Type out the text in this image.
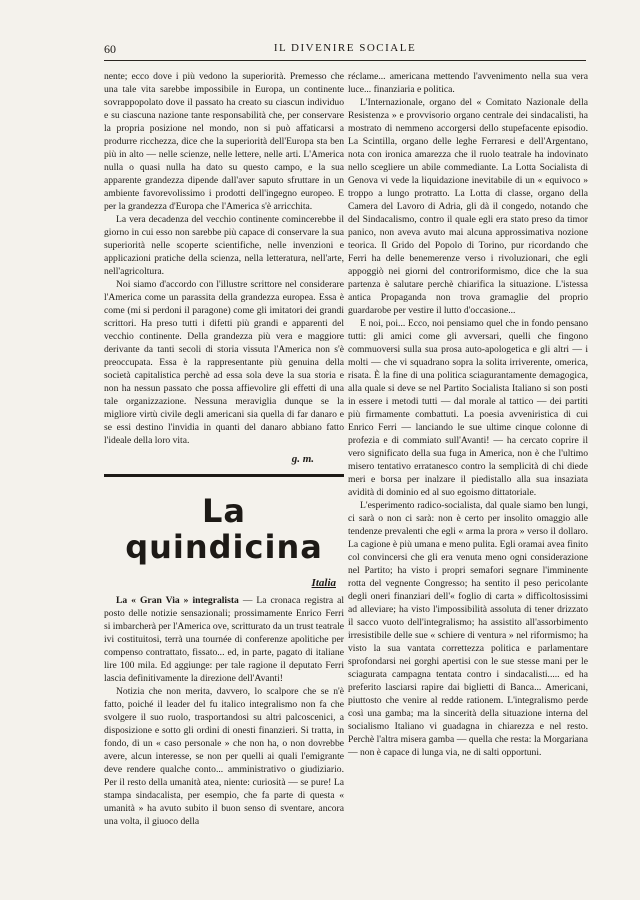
60	IL DIVENIRE SOCIALE

nente; ecco dove i più vedono la superiorità. Premesso che una tale vita sarebbe impossibile in Europa, un continente sovrappopolato dove il passato ha creato su ciascun individuo e su ciascuna nazione tante responsabilità che, per conservare la propria posizione nel mondo, non si può affaticarsi a produrre ricchezza, dice che la superiorità dell'Europa sta ben più in alto — nelle scienze, nelle lettere, nelle arti. L'America nulla o quasi nulla ha dato su questo campo, e la sua apparente grandezza dipende dall'aver saputo sfruttare in un ambiente favorevolissimo i prodotti dell'ingegno europeo. E per la grandezza d'Europa che l'America s'è arricchita.

La vera decadenza del vecchio continente comincerebbe il giorno in cui esso non sarebbe più capace di conservare la sua superiorità nelle scoperte scientifiche, nelle invenzioni e applicazioni pratiche della scienza, nella letteratura, nell'arte, nell'agricoltura.

Noi siamo d'accordo con l'illustre scrittore nel considerare l'America come un parassita della grandezza europea. Essa è come (mi si perdoni il paragone) come gli imitatori dei grandi scrittori. Ha preso tutti i difetti più grandi e apparenti del vecchio continente. Della grandezza più vera e maggiore derivante da tanti secoli di storia vissuta l'America non s'è preoccupata. Essa è la rappresentante più genuina della società capitalistica perchè ad essa sola deve la sua storia e non ha nessun passato che possa affievolire gli effetti di una tale organizzazione. Nessuna meraviglia dunque se la migliore virtù civile degli americani sia quella di far danaro e se essi destino l'invidia in quanti del danaro abbiano fatto l'ideale della loro vita.

g. m.
La quindicina
Italia

La « Gran Via » integralista — La cronaca registra al posto delle notizie sensazionali; prossimamente Enrico Ferri si imbarcherà per l'America ove, scritturato da un trust teatrale ivi costituitosi, terrà una tournée di conferenze apolitiche per compenso contrattato, fissato... ed, in parte, pagato di italiane lire 100 mila. Ed aggiunge: per tale ragione il deputato Ferri lascia definitivamente la direzione dell'Avanti!

Notizia che non merita, davvero, lo scalpore che se n'è fatto, poiché il leader del fu italico integralismo non fa che svolgere il suo ruolo, trasportandosi su altri palcoscenici, a disposizione e sotto gli ordini di onesti finanzieri. Si tratta, in fondo, di un « caso personale » che non ha, o non dovrebbe avere, alcun interesse, se non per quelli ai quali l'emigrante deve rendere qualche conto... amministrativo o giudiziario. Per il resto della umanità atea, niente: curiosità — se pure! La stampa sindacalista, per esempio, che fa parte di questa « umanità » ha avuto subito il buon senso di sventare, ancora una volta, il giuoco della

réclame... americana mettendo l'avvenimento nella sua vera luce... finanziaria e politica.

L'Internazionale, organo del « Comitato Nazionale della Resistenza » e provvisorio organo centrale dei sindacalisti, ha mostrato di nemmeno accorgersi dello stupefacente episodio. La Scintilla, organo delle leghe Ferraresi e dell'Argentano, nota con ironica amarezza che il ruolo teatrale ha indovinato nello scegliere un abile commediante. La Lotta Socialista di Genova vi vede la liquidazione inevitabile di un « equivoco » troppo a lungo protratto. La Lotta di classe, organo della Camera del Lavoro di Adria, gli dà il congedo, notando che del Sindacalismo, contro il quale egli era stato preso da timor panico, non aveva avuto mai alcuna approssimativa nozione teorica. Il Grido del Popolo di Torino, pur ricordando che Ferri ha delle benemerenze verso i rivoluzionari, che egli appoggiò nei giorni del controriformismo, dice che la sua partenza è salutare perchè chiarifica la situazione. L'istessa antica Propaganda non trova gramaglie del proprio guardarobe per vestire il lutto d'occasione...

E noi, poi... Ecco, noi pensiamo quel che in fondo pensano tutti: gli amici come gli avversari, quelli che fingono commuoversi sulla sua prosa auto-apologetica e gli altri — i molti — che vi squadrano sopra la solita irriverente, omerica, risata. È la fine di una politica sciagurantamente demagogica, alla quale si deve se nel Partito Socialista Italiano si son posti in essere i metodi tutti — dal morale al tattico — dei partiti più firmamente combattuti. La poesia avveniristica di cui Enrico Ferri — lanciando le sue ultime cinque colonne di profezia e di commiato sull'Avanti! — ha cercato coprire il vero significato della sua fuga in America, non è che l'ultimo misero tentativo erratanesco contro la semplicità di chi diede meri e borsa per inalzare il piedistallo alla sua insaziata avidità di dominio ed al suo egoismo dittatoriale.

L'esperimento radico-socialista, dal quale siamo ben lungi, ci sarà o non ci sarà: non è certo per insolito omaggio alle tendenze prevalenti che egli « arma la prora » verso il dollaro. La cagione è più umana e meno pulita. Egli oramai avea finito col convincersi che gli era venuta meno ogni considerazione nel Partito; ha visto i propri semafori segnare l'imminente rotta del vegnente Congresso; ha sentito il peso pericolante degli oneri finanziari dell'« foglio di carta » difficoltosissimi ad alleviare; ha visto l'impossibilità assoluta di tener drizzato il sacco vuoto dell'integralismo; ha assistito all'assorbimento irresistibile delle sue « schiere di ventura » nel riformismo; ha visto la sua vantata correttezza politica e parlamentare sprofondarsi nei gorghi apertisi con le sue stesse mani per le sciagurata campagna tentata contro i sindacalisti..... ed ha preferito lasciarsi rapire dai biglietti di Banca... Americani, piuttosto che venire al redde rationem. L'integralismo perde così una gamba; ma la sincerità della situazione interna del socialismo Italiano vi guadagna in chiarezza e nel resto. Perchè l'altra misera gamba — quella che resta: la Morgariana — non è capace di lunga via, ne di salti opportuni.
